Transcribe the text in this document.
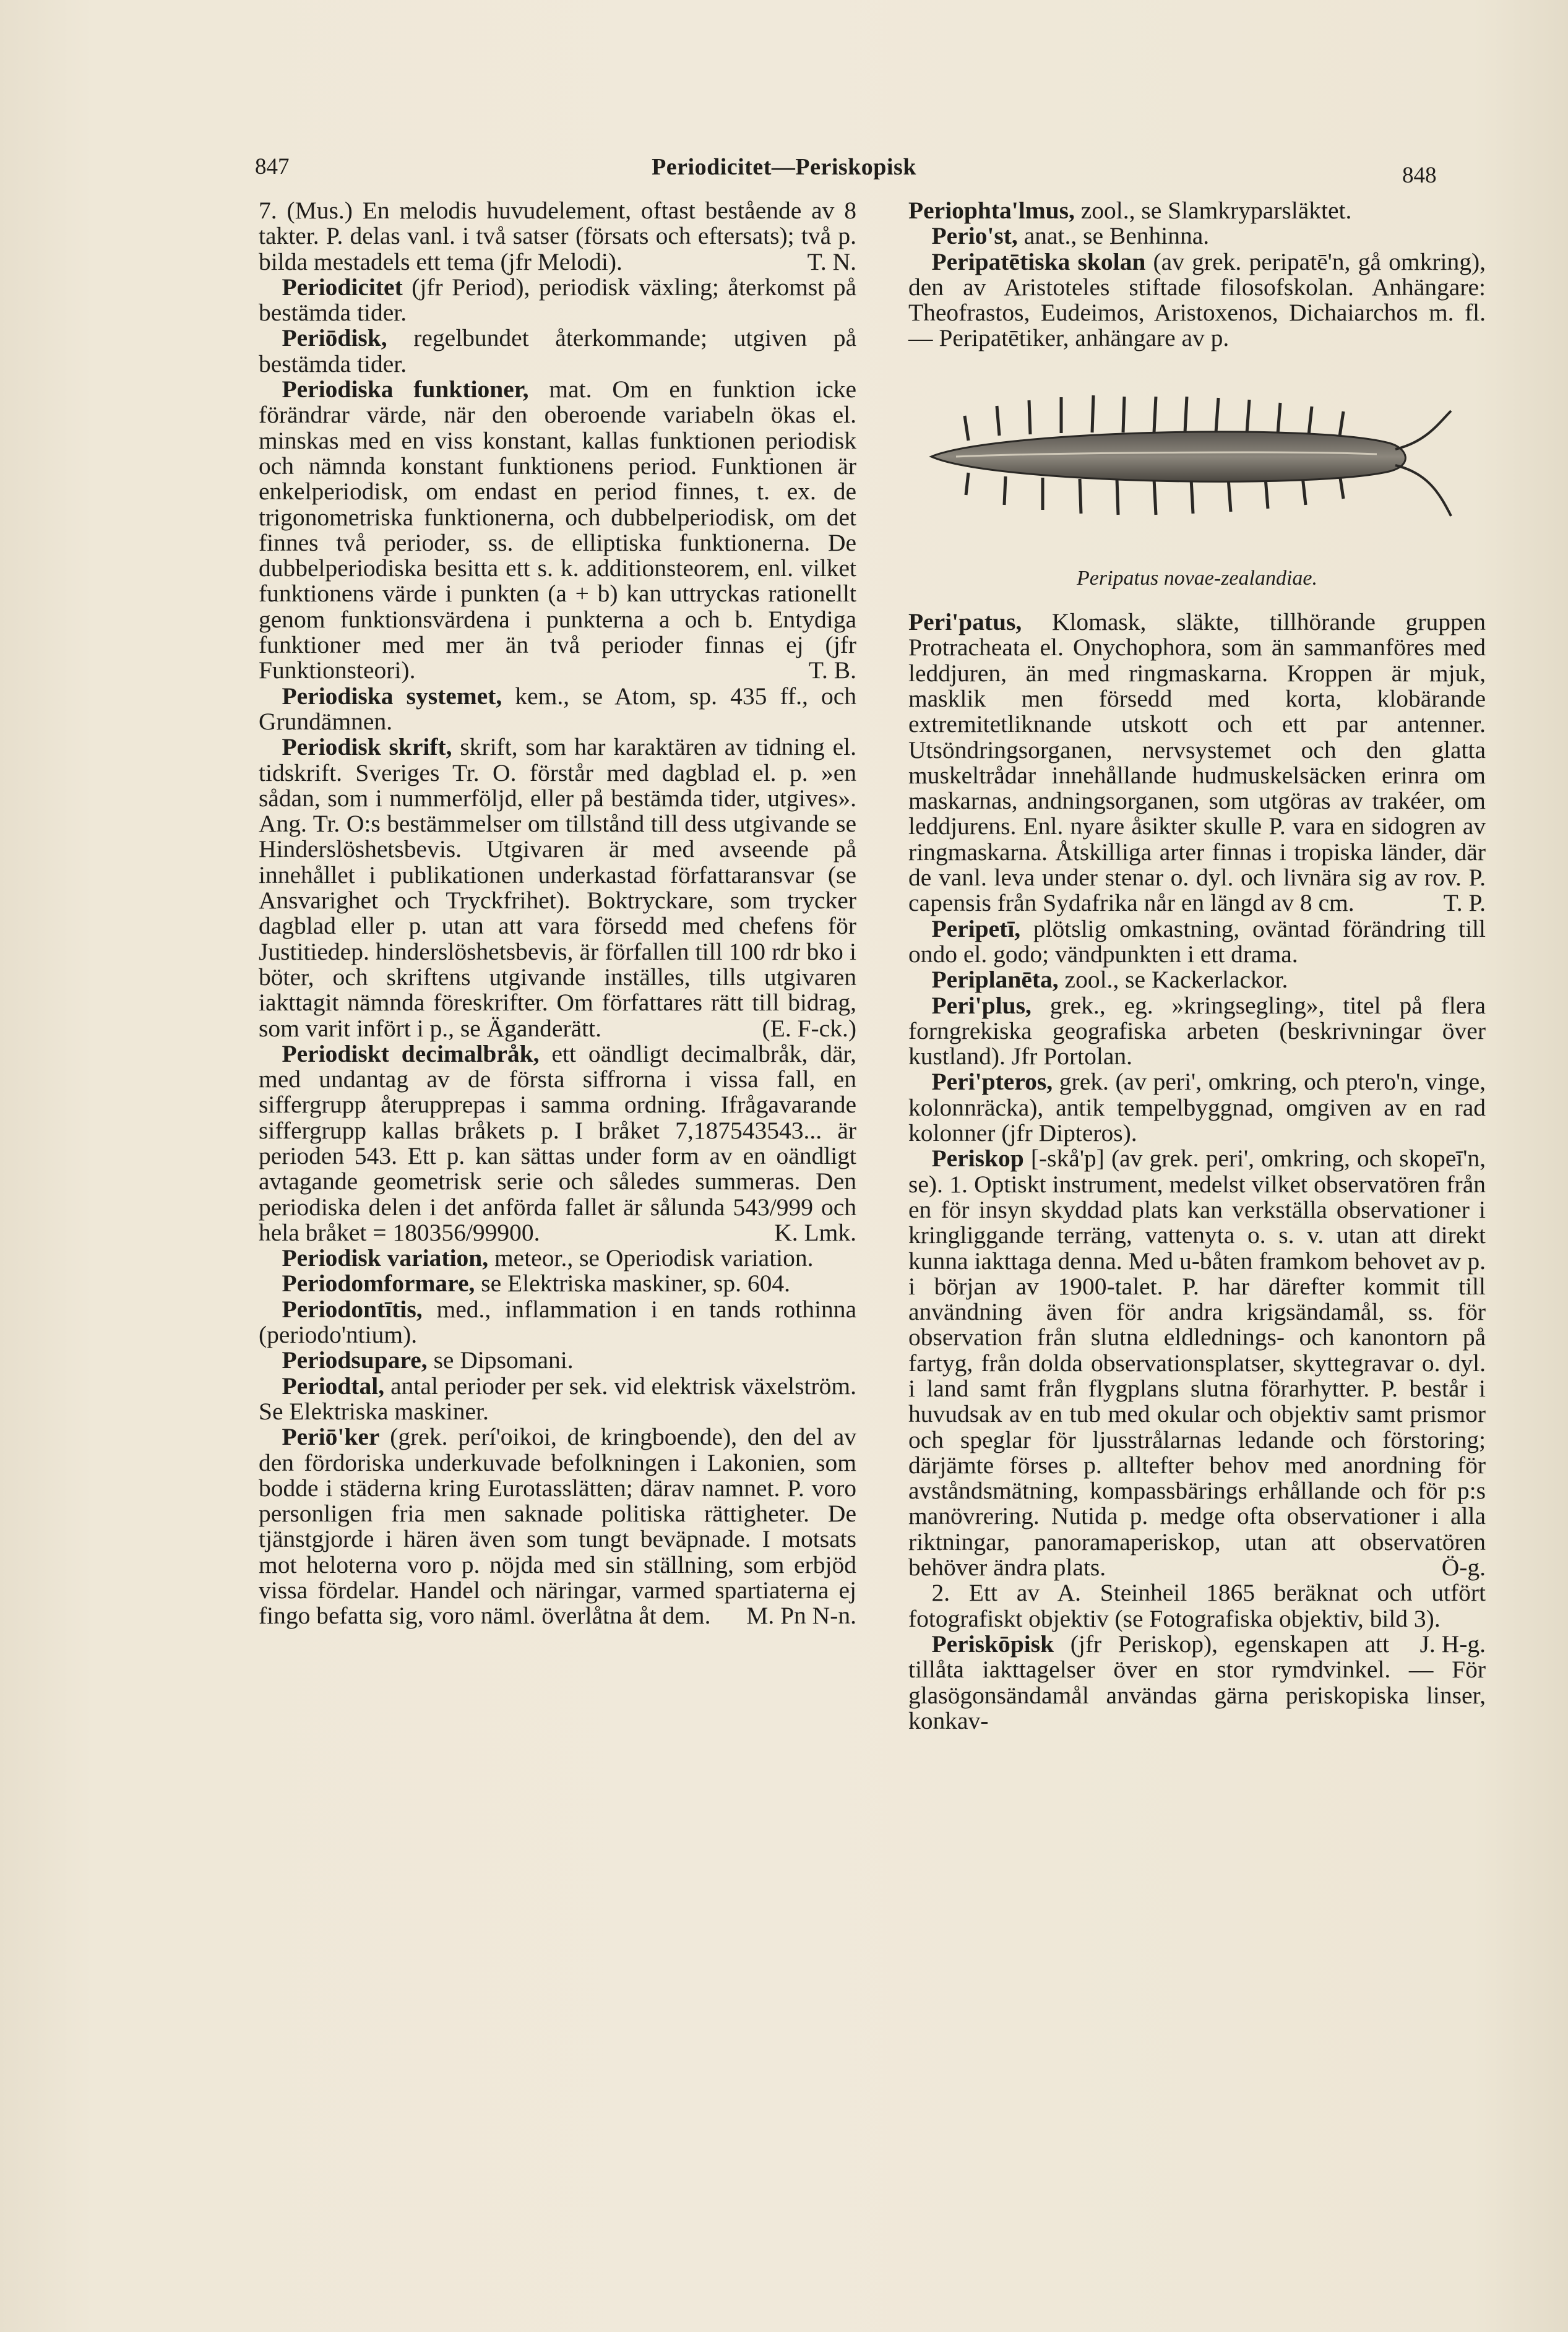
847	Periodicitet—Periskopisk	848

7. (Mus.) En melodis huvudelement, oftast bestående av 8 takter. P. delas vanl. i två satser (försats och eftersats); två p. bilda mestadels ett tema (jfr Melodi).	T. N.

Periodicitet (jfr Period), periodisk växling; återkomst på bestämda tider.

Periōdisk, regelbundet återkommande; utgiven på bestämda tider.

Periodiska funktioner, mat. Om en funktion icke förändrar värde, när den oberoende variabeln ökas el. minskas med en viss konstant, kallas funktionen periodisk och nämnda konstant funktionens period. Funktionen är enkelperiodisk, om endast en period finnes, t. ex. de trigonometriska funktionerna, och dubbelperiodisk, om det finnes två perioder, ss. de elliptiska funktionerna. De dubbelperiodiska besitta ett s. k. additionsteorem, enl. vilket funktionens värde i punkten (a + b) kan uttryckas rationellt genom funktionsvärdena i punkterna a och b. Entydiga funktioner med mer än två perioder finnas ej (jfr Funktionsteori).	T. B.

Periodiska systemet, kem., se Atom, sp. 435 ff., och Grundämnen.

Periodisk skrift, skrift, som har karaktären av tidning el. tidskrift. Sveriges Tr. O. förstår med dagblad el. p. »en sådan, som i nummerföljd, eller på bestämda tider, utgives». Ang. Tr. O:s bestämmelser om tillstånd till dess utgivande se Hinderslöshetsbevis. Utgivaren är med avseende på innehållet i publikationen underkastad författaransvar (se Ansvarighet och Tryckfrihet). Boktryckare, som trycker dagblad eller p. utan att vara försedd med chefens för Justitiedep. hinderslöshetsbevis, är förfallen till 100 rdr bko i böter, och skriftens utgivande inställes, tills utgivaren iakttagit nämnda föreskrifter. Om författares rätt till bidrag, som varit infört i p., se Äganderätt.	(E. F-ck.)

Periodiskt decimalbråk, ett oändligt decimalbråk, där, med undantag av de första siffrorna i vissa fall, en siffergrupp återupprepas i samma ordning. Ifrågavarande siffergrupp kallas bråkets p. I bråket 7,187543543... är perioden 543. Ett p. kan sättas under form av en oändligt avtagande geometrisk serie och således summeras. Den periodiska delen i det anförda fallet är sålunda 543/999 och hela bråket = 180356/99900.	K. Lmk.

Periodisk variation, meteor., se Operiodisk variation.

Periodomformare, se Elektriska maskiner, sp. 604.

Periodontītis, med., inflammation i en tands rothinna (periodo'ntium).

Periodsupare, se Dipsomani.

Periodtal, antal perioder per sek. vid elektrisk växelström. Se Elektriska maskiner.

Periō'ker (grek. perí'oikoi, de kringboende), den del av den fördoriska underkuvade befolkningen i Lakonien, som bodde i städerna kring Eurotasslätten; därav namnet. P. voro personligen fria men saknade politiska rättigheter. De tjänstgjorde i hären även som tungt beväpnade. I motsats mot heloterna voro p. nöjda med sin ställning, som erbjöd vissa fördelar. Handel och näringar, varmed spartiaterna ej fingo befatta sig, voro näml. överlåtna åt dem.	M. Pn N-n.

Periophta'lmus, zool., se Slamkryparsläktet.

Perio'st, anat., se Benhinna.

Peripatētiska skolan (av grek. peripatē'n, gå omkring), den av Aristoteles stiftade filosofskolan. Anhängare: Theofrastos, Eudeimos, Aristoxenos, Dichaiarchos m. fl. — Peripatētiker, anhängare av p.

Peripatus novae-zealandiae.

Peri'patus, Klomask, släkte, tillhörande gruppen Protracheata el. Onychophora, som än sammanföres med leddjuren, än med ringmaskarna. Kroppen är mjuk, masklik men försedd med korta, klobärande extremitetliknande utskott och ett par antenner. Utsöndringsorganen, nervsystemet och den glatta muskeltrådar innehållande hudmuskelsäcken erinra om maskarnas, andningsorganen, som utgöras av trakéer, om leddjurens. Enl. nyare åsikter skulle P. vara en sidogren av ringmaskarna. Åtskilliga arter finnas i tropiska länder, där de vanl. leva under stenar o. dyl. och livnära sig av rov. P. capensis från Sydafrika når en längd av 8 cm.	T. P.

Peripetī, plötslig omkastning, oväntad förändring till ondo el. godo; vändpunkten i ett drama.

Periplanēta, zool., se Kackerlackor.

Peri'plus, grek., eg. »kringsegling», titel på flera forngrekiska geografiska arbeten (beskrivningar över kustland). Jfr Portolan.

Peri'pteros, grek. (av peri', omkring, och ptero'n, vinge, kolonnräcka), antik tempelbyggnad, omgiven av en rad kolonner (jfr Dipteros).

Periskop [-skå'p] (av grek. peri', omkring, och skopeī'n, se). 1. Optiskt instrument, medelst vilket observatören från en för insyn skyddad plats kan verkställa observationer i kringliggande terräng, vattenyta o. s. v. utan att direkt kunna iakttaga denna. Med u-båten framkom behovet av p. i början av 1900-talet. P. har därefter kommit till användning även för andra krigsändamål, ss. för observation från slutna eldlednings- och kanontorn på fartyg, från dolda observationsplatser, skyttegravar o. dyl. i land samt från flygplans slutna förarhytter. P. består i huvudsak av en tub med okular och objektiv samt prismor och speglar för ljusstrålarnas ledande och förstoring; därjämte förses p. alltefter behov med anordning för avståndsmätning, kompassbärings erhållande och för p:s manövrering. Nutida p. medge ofta observationer i alla riktningar, panoramaperiskop, utan att observatören behöver ändra plats.	Ö-g.

2. Ett av A. Steinheil 1865 beräknat och utfört fotografiskt objektiv (se Fotografiska objektiv, bild 3).
J. H-g.

Periskōpisk (jfr Periskop), egenskapen att tillåta iakttagelser över en stor rymdvinkel. — För glasögonsändamål användas gärna periskopiska linser, konkav-
